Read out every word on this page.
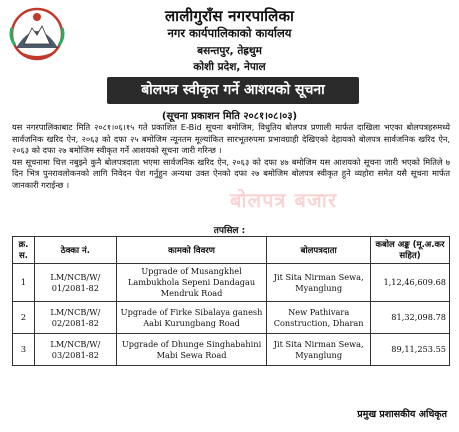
लालीगुराँस नगरपालिका
नगर कार्यपालिकाको कार्यालय
बसन्तपुर, तेह्रथुम
कोशी प्रदेश, नेपाल
बोलपत्र स्वीकृत गर्ने आशयको सूचना
(सूचना प्रकाशन मिति २०८१।०८।०३)

यस नगरपालिकाबाट मिति २०८१।०६।१५ गते प्रकाशित E-Bid सूचना बमोजिम, विधुतिय बोलपत्र प्रणाली मार्फत दाखिला भएका बोलपत्रहरुमध्ये सार्वजनिक खरिद ऐन, २०६३ को दफा २५ बमोजिम न्यूनतम मूल्यांकित सारभूतरुपमा प्रभावग्राही देखिएको देहायको बोलपत्र सार्वजनिक खरिद ऐन, २०६३ को दफा २७ बमोजिम स्वीकृत गर्ने आशयको सूचना जारी गरिन्छ ।

यस सूचनामा चित्त नबुझ्ने कुनै बोलपत्रदाता भएमा सार्वजनिक खरिद ऐन, २०६३ को दफा ४७ बमोजिम यस आशयको सूचना जारी भएको मितिले ७ दिन भित्र पुनरावलोकनको लागि निवेदन पेश गर्नुहुन अन्यथा उक्त ऐनको दफा २७ बमोजिम बोलपत्र स्वीकृत हुने व्यहोरा समेत यसै सूचना मार्फत जानकारी गराईन्छ ।

बोलपत्र बजार
तपसिल :
क्र. स.	ठेक्का नं.	कामको विवरण	बोलपत्रदाता	कबोल अङ्क (मू.अ.कर सहित)
1	LM/NCB/W/ 01/2081-82	Upgrade of Musangkhel Lambukhola Sepeni Dandagau Mendruk Road	Jit Sita Nirman Sewa, Myanglung	1,12,46,609.68
2	LM/NCB/W/ 02/2081-82	Upgrade of Firke Sibalaya ganesh Aabi Kurungbang Road	New Pathivara Construction, Dharan	81,32,098.78
3	LM/NCB/W/ 03/2081-82	Upgrade of Dhunge Singhabahini Mabi Sewa Road	Jit Sita Nirman Sewa, Myanglung	89,11,253.55
प्रमुख प्रशासकीय अधिकृत
